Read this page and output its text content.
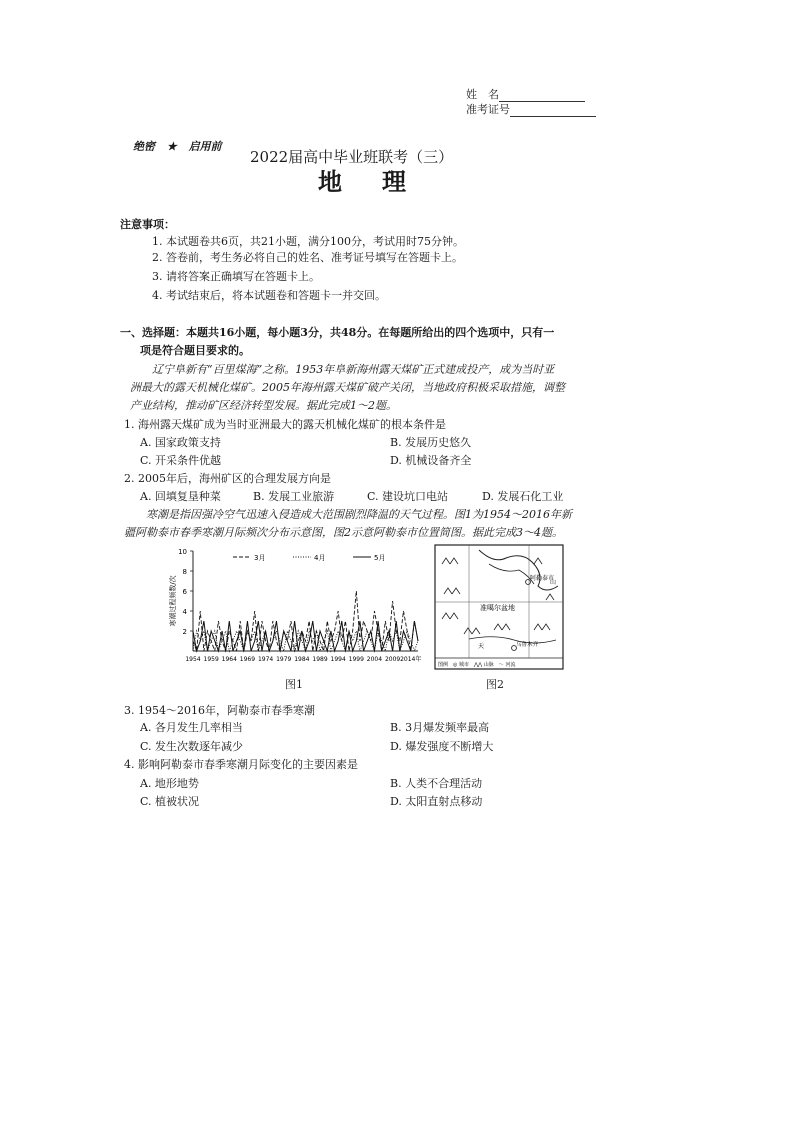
姓　名
准考证号
绝密 ★ 启用前
2022届高中毕业班联考（三）
地理
注意事项：
1. 本试题卷共6页，共21小题，满分100分，考试用时75分钟。
2. 答卷前，考生务必将自己的姓名、准考证号填写在答题卡上。
3. 请将答案正确填写在答题卡上。
4. 考试结束后，将本试题卷和答题卡一并交回。
一、选择题：本题共16小题，每小题3分，共48分。在每题所给出的四个选项中，只有一
项是符合题目要求的。
辽宁阜新有“百里煤海”之称。1953年阜新海州露天煤矿正式建成投产，成为当时亚
洲最大的露天机械化煤矿。2005年海州露天煤矿破产关闭，当地政府积极采取措施，调整
产业结构，推动矿区经济转型发展。据此完成1～2题。
1. 海州露天煤矿成为当时亚洲最大的露天机械化煤矿的根本条件是
A. 国家政策支持	B. 发展历史悠久
C. 开采条件优越	D. 机械设备齐全
2. 2005年后，海州矿区的合理发展方向是
A. 回填复垦种菜	B. 发展工业旅游	C. 建设坑口电站	D. 发展石化工业
寒潮是指因强冷空气迅速入侵造成大范围剧烈降温的天气过程。图1为1954～2016年新
疆阿勒泰市春季寒潮月际频次分布示意图，图2示意阿勒泰市位置简图。据此完成3～4题。
2
4
6
8
10
寒潮过程频数/次
1954 1959 1964 1969 1974 1979 1984 1989 1994 1999 2004 2009 2014年
3月	4月	5月
图1
阿勒泰市
乌鲁木齐
山
准噶尔盆地
天
图例　◎ 城市　⋀⋀ 山脉　～ 河流
图2
3. 1954～2016年，阿勒泰市春季寒潮
A. 各月发生几率相当	B. 3月爆发频率最高
C. 发生次数逐年减少	D. 爆发强度不断增大
4. 影响阿勒泰市春季寒潮月际变化的主要因素是
A. 地形地势	B. 人类不合理活动
C. 植被状况	D. 太阳直射点移动
